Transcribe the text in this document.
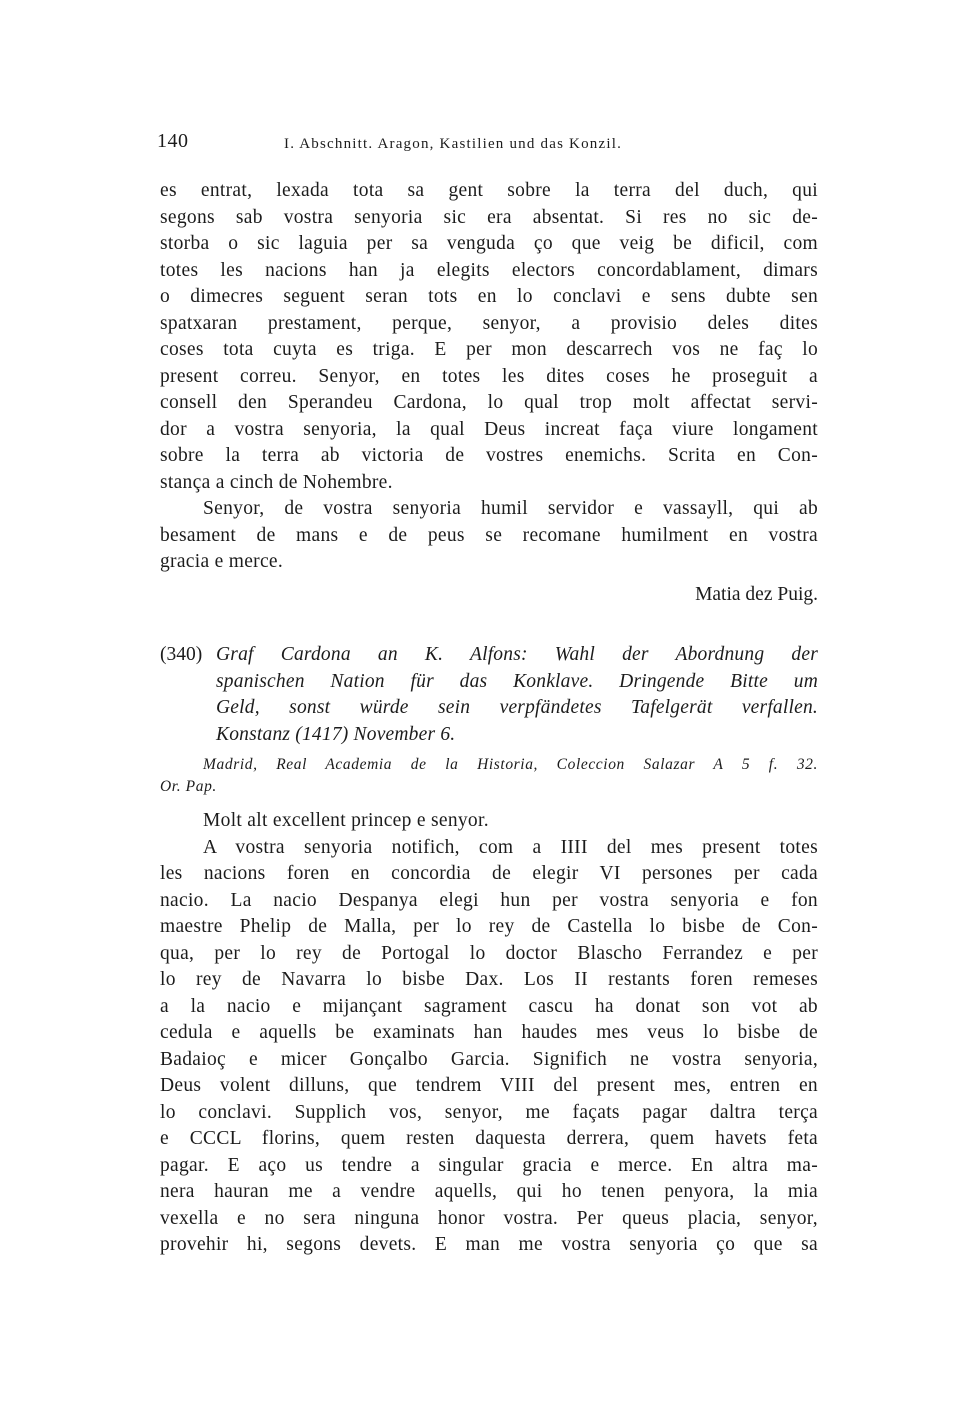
140	I. Abschnitt. Aragon, Kastilien und das Konzil.
es entrat, lexada tota sa gent sobre la terra del duch, qui
segons sab vostra senyoria sic era absentat. Si res no sic de-
storba o sic laguia per sa venguda ço que veig be dificil, com
totes les nacions han ja elegits electors concordablament, dimars
o dimecres seguent seran tots en lo conclavi e sens dubte sen
spatxaran prestament, perque, senyor, a provisio deles dites
coses tota cuyta es triga. E per mon descarrech vos ne faç lo
present correu. Senyor, en totes les dites coses he proseguit a
consell den Sperandeu Cardona, lo qual trop molt affectat servi-
dor a vostra senyoria, la qual Deus increat faça viure longament
sobre la terra ab victoria de vostres enemichs. Scrita en Con-
stança a cinch de Nohembre.
Senyor, de vostra senyoria humil servidor e vassayll, qui ab
besament de mans e de peus se recomane humilment en vostra
gracia e merce.
Matia dez Puig.
(340) Graf Cardona an K. Alfons: Wahl der Abordnung der
spanischen Nation für das Konklave. Dringende Bitte um
Geld, sonst würde sein verpfändetes Tafelgerät verfallen.
Konstanz (1417) November 6.
Madrid, Real Academia de la Historia, Coleccion Salazar A 5 f. 32.
Or. Pap.
Molt alt excellent princep e senyor.
A vostra senyoria notifich, com a IIII del mes present totes
les nacions foren en concordia de elegir VI persones per cada
nacio. La nacio Despanya elegi hun per vostra senyoria e fon
maestre Phelip de Malla, per lo rey de Castella lo bisbe de Con-
qua, per lo rey de Portogal lo doctor Blascho Ferrandez e per
lo rey de Navarra lo bisbe Dax. Los II restants foren remeses
a la nacio e mijançant sagrament cascu ha donat son vot ab
cedula e aquells be examinats han haudes mes veus lo bisbe de
Badaioç e micer Gonçalbo Garcia. Significh ne vostra senyoria,
Deus volent dilluns, que tendrem VIII del present mes, entren en
lo conclavi. Supplich vos, senyor, me façats pagar daltra terça
e CCCL florins, quem resten daquesta derrera, quem havets feta
pagar. E aço us tendre a singular gracia e merce. En altra ma-
nera hauran me a vendre aquells, qui ho tenen penyora, la mia
vexella e no sera ninguna honor vostra. Per queus placia, senyor,
provehir hi, segons devets. E man me vostra senyoria ço que sa
